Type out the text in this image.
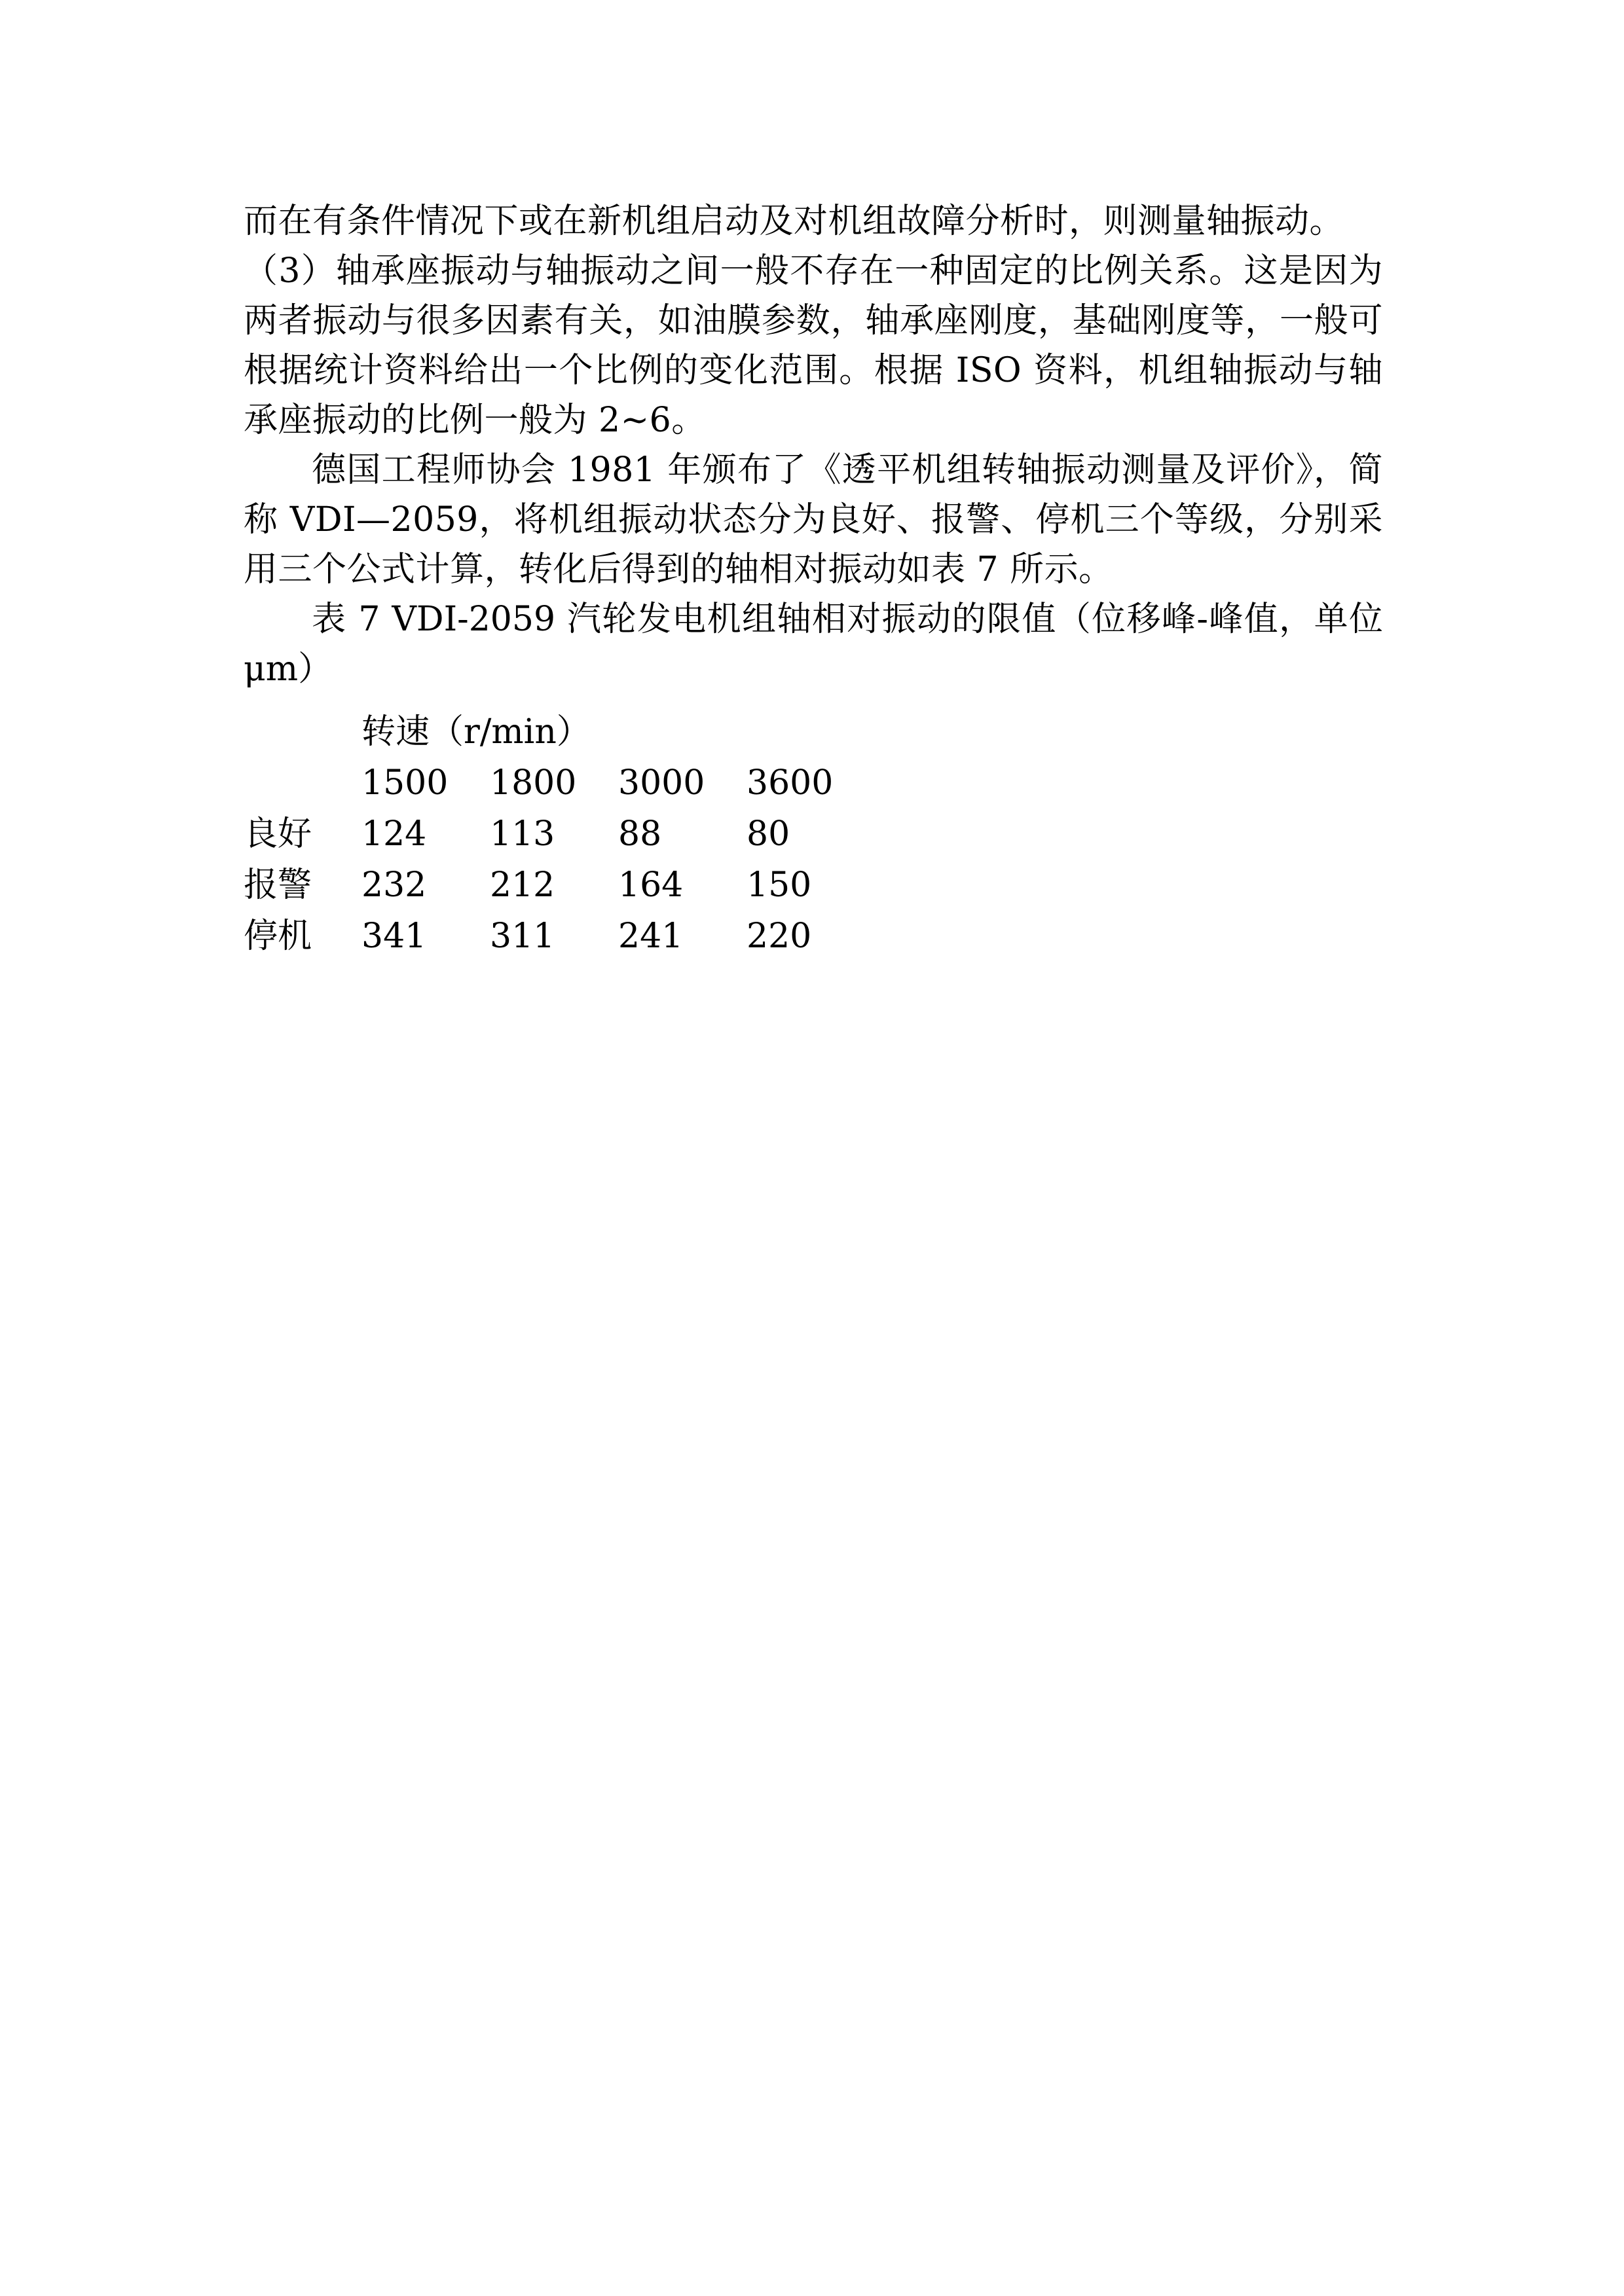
而在有条件情况下或在新机组启动及对机组故障分析时，则测量轴振动。

（3）轴承座振动与轴振动之间一般不存在一种固定的比例关系。这是因为两者振动与很多因素有关，如油膜参数，轴承座刚度，基础刚度等，一般可根据统计资料给出一个比例的变化范围。根据 ISO 资料，机组轴振动与轴承座振动的比例一般为 2~6。

德国工程师协会 1981 年颁布了《透平机组转轴振动测量及评价》，简称 VDI—2059，将机组振动状态分为良好、报警、停机三个等级，分别采用三个公式计算，转化后得到的轴相对振动如表 7 所示。

表 7 VDI-2059 汽轮发电机组轴相对振动的限值（位移峰-峰值，单位 μm）

	转速（r/min）			
	1500	1800	3000	3600
良好	124	113	88	80
报警	232	212	164	150
停机	341	311	241	220
